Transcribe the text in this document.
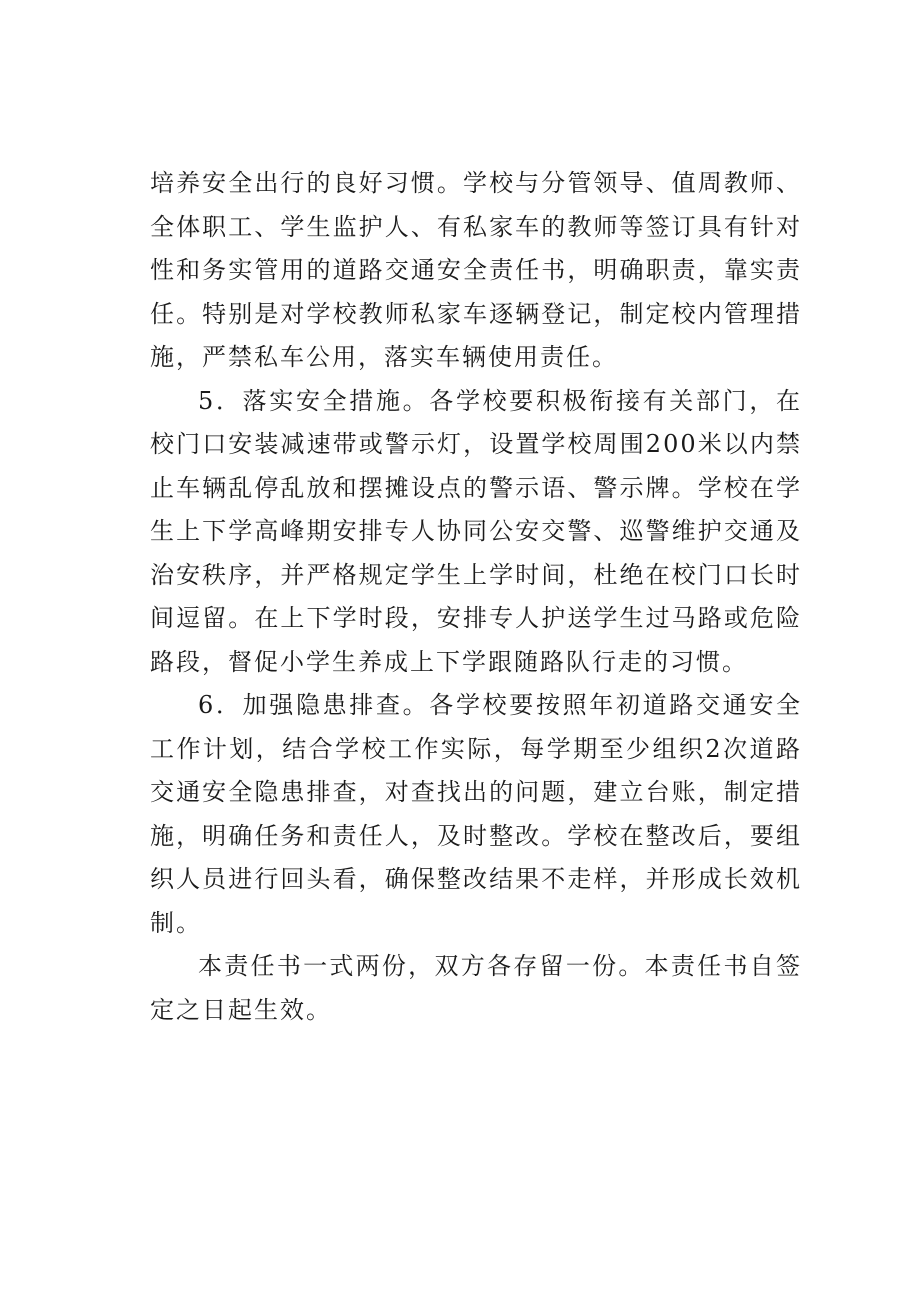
培养安全出行的良好习惯。学校与分管领导、值周教师、全体职工、学生监护人、有私家车的教师等签订具有针对性和务实管用的道路交通安全责任书，明确职责，靠实责任。特别是对学校教师私家车逐辆登记，制定校内管理措施，严禁私车公用，落实车辆使用责任。

5．落实安全措施。各学校要积极衔接有关部门，在校门口安装减速带或警示灯，设置学校周围200米以内禁止车辆乱停乱放和摆摊设点的警示语、警示牌。学校在学生上下学高峰期安排专人协同公安交警、巡警维护交通及治安秩序，并严格规定学生上学时间，杜绝在校门口长时间逗留。在上下学时段，安排专人护送学生过马路或危险路段，督促小学生养成上下学跟随路队行走的习惯。

6．加强隐患排查。各学校要按照年初道路交通安全工作计划，结合学校工作实际，每学期至少组织2次道路交通安全隐患排查，对查找出的问题，建立台账，制定措施，明确任务和责任人，及时整改。学校在整改后，要组织人员进行回头看，确保整改结果不走样，并形成长效机制。

本责任书一式两份，双方各存留一份。本责任书自签定之日起生效。
